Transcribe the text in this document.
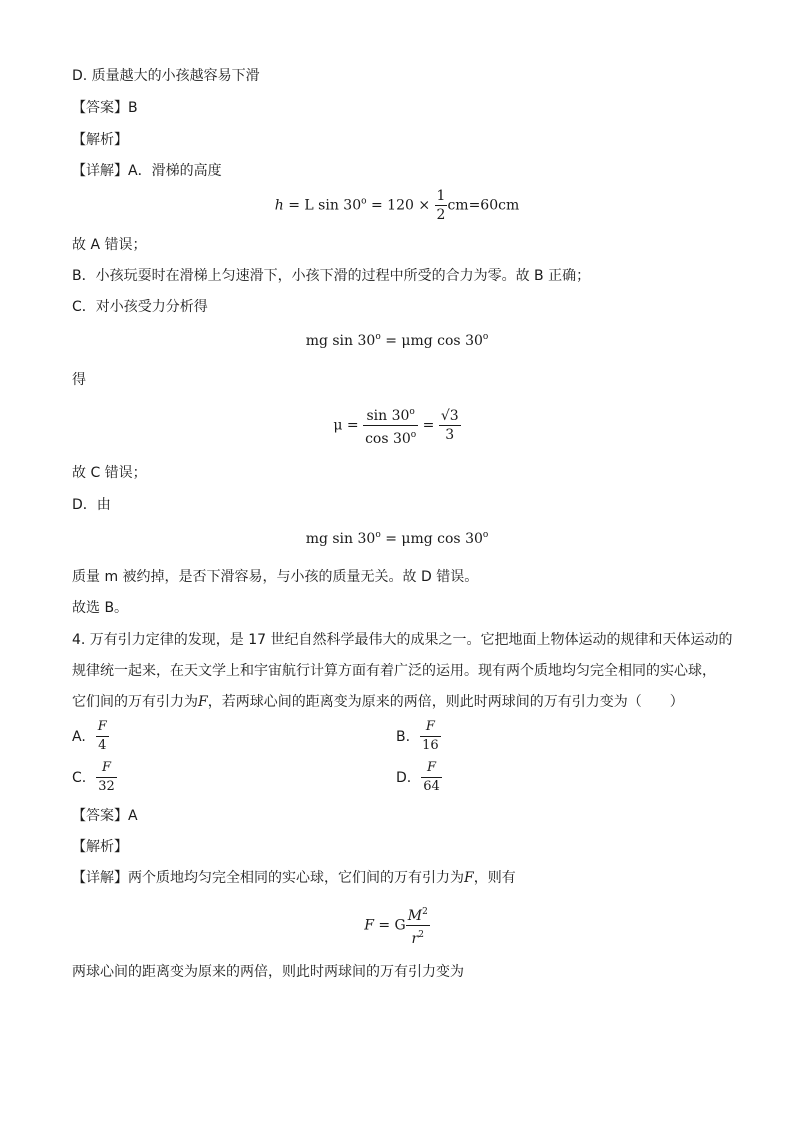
D. 质量越大的小孩越容易下滑
【答案】B
【解析】
【详解】A．滑梯的高度
h = L $\sin 30^o = 120 \times \frac{1}{2} cm=60cm$
故 A 错误；
B．小孩玩耍时在滑梯上匀速滑下，小孩下滑的过程中所受的合力为零。故 B 正确；
C．对小孩受力分析得
mg $\sin 30^o = \mu mg$ cos 30$^o$
得
$\mu = \frac{\sin 30^o}{\cos 30^o} = \frac{√3}{3}$
故 C 错误；
D．由
mg $\sin 30^o = \mu mg$ cos 30$^o$
质量 m 被约掉，是否下滑容易，与小孩的质量无关。故 D 错误。
故选 B。
4. 万有引力定律的发现，是 17 世纪自然科学最伟大的成果之一。它把地面上物体运动的规律和天体运动的
规律统一起来，在天文学上和宇宙航行计算方面有着广泛的运用。现有两个质地均匀完全相同的实心球，
它们间的万有引力为F，若两球心间的距离变为原来的两倍，则此时两球间的万有引力变为（　　）
A. $\frac{F}{4}$	B. $\frac{F}{16}$
C. $\frac{F}{32}$	D. $\frac{F}{64}$
【答案】A
【解析】
【详解】两个质地均匀完全相同的实心球，它们间的万有引力为F，则有
F = G $\frac{M^2}{r^2}$
两球心间的距离变为原来的两倍，则此时两球间的万有引力变为
